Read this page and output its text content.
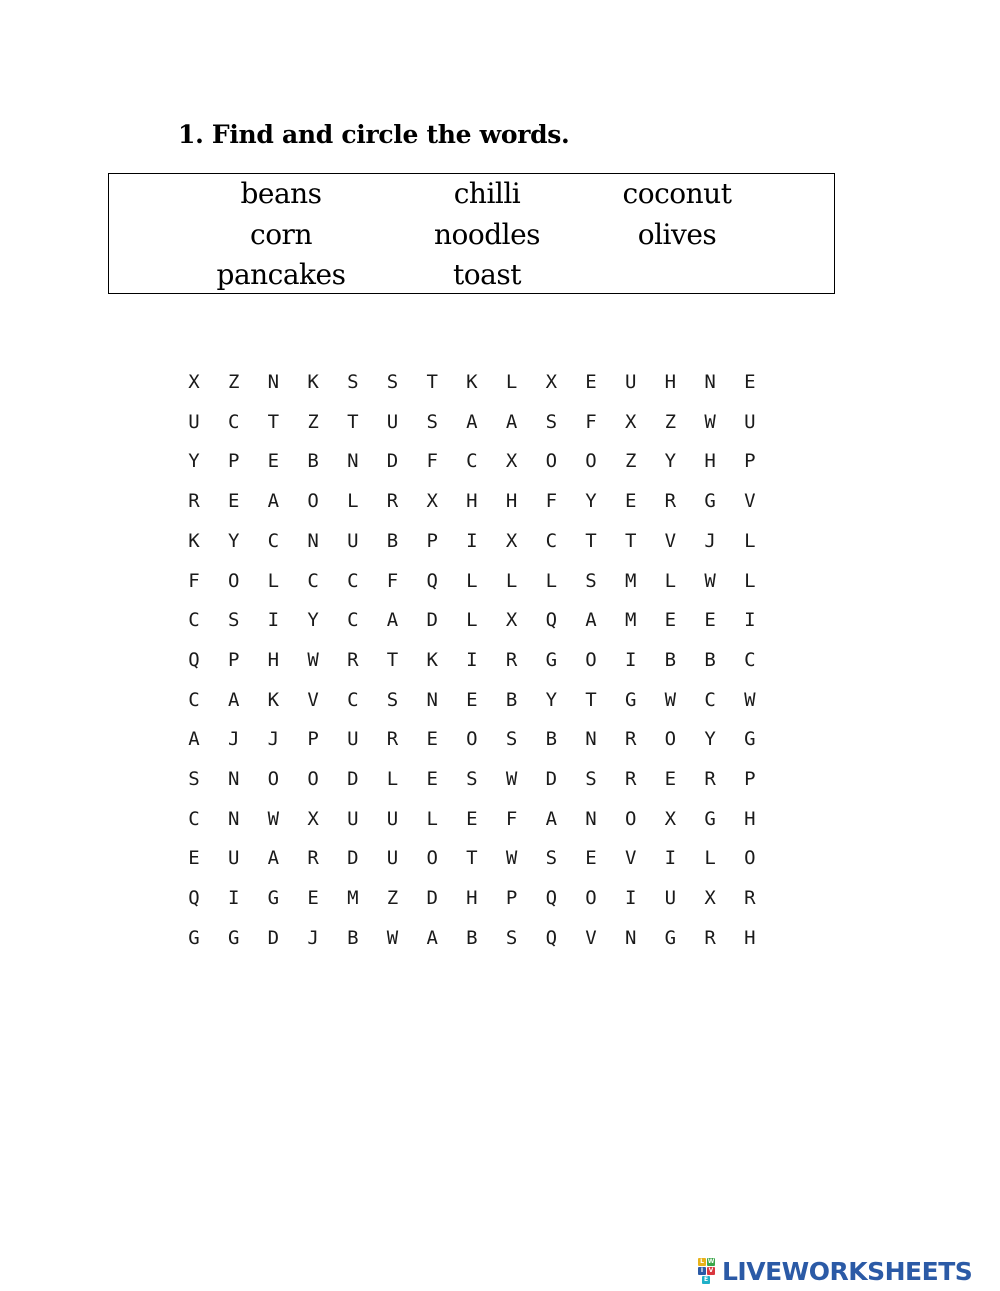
1. Find and circle the words.
beans	chilli	coconut
corn	noodles	olives
pancakes	toast
X	Z	N	K	S	S	T	K	L	X	E	U	H	N	E
U	C	T	Z	T	U	S	A	A	S	F	X	Z	W	U
Y	P	E	B	N	D	F	C	X	O	O	Z	Y	H	P
R	E	A	O	L	R	X	H	H	F	Y	E	R	G	V
K	Y	C	N	U	B	P	I	X	C	T	T	V	J	L
F	O	L	C	C	F	Q	L	L	L	S	M	L	W	L
C	S	I	Y	C	A	D	L	X	Q	A	M	E	E	I
Q	P	H	W	R	T	K	I	R	G	O	I	B	B	C
C	A	K	V	C	S	N	E	B	Y	T	G	W	C	W
A	J	J	P	U	R	E	O	S	B	N	R	O	Y	G
S	N	O	O	D	L	E	S	W	D	S	R	E	R	P
C	N	W	X	U	U	L	E	F	A	N	O	X	G	H
E	U	A	R	D	U	O	T	W	S	E	V	I	L	O
Q	I	G	E	M	Z	D	H	P	Q	O	I	U	X	R
G	G	D	J	B	W	A	B	S	Q	V	N	G	R	H
L W
I V
E LIVEWORKSHEETS
